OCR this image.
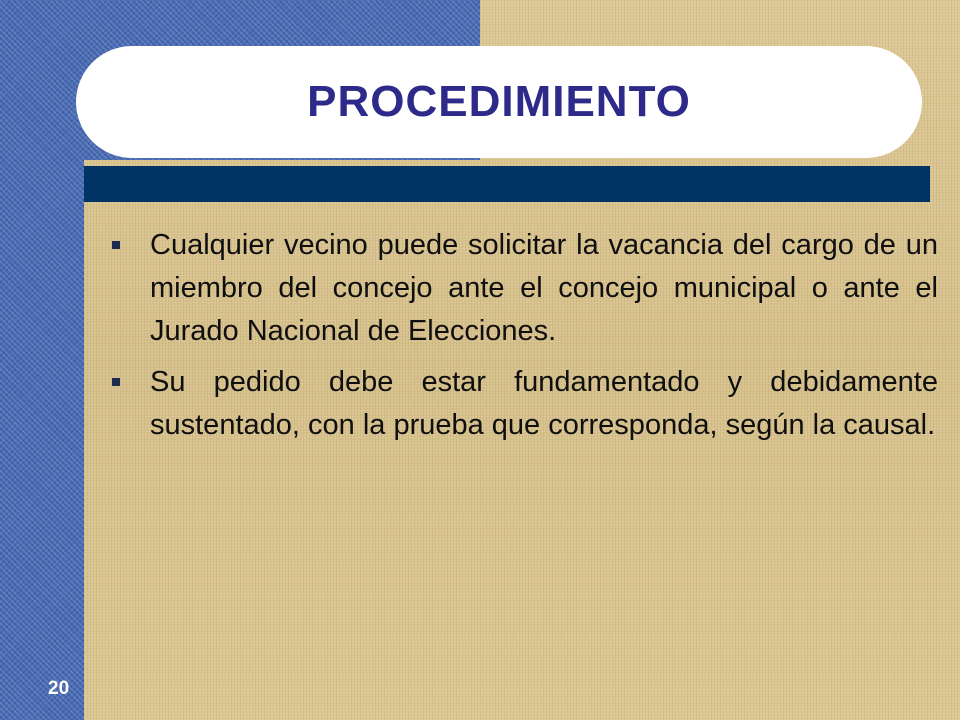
PROCEDIMIENTO
Cualquier vecino puede solicitar la vacancia del cargo de un miembro del concejo ante el concejo municipal o ante el Jurado Nacional de Elecciones.
Su pedido debe estar fundamentado y debidamente sustentado, con la prueba que corresponda, según la causal.
20
